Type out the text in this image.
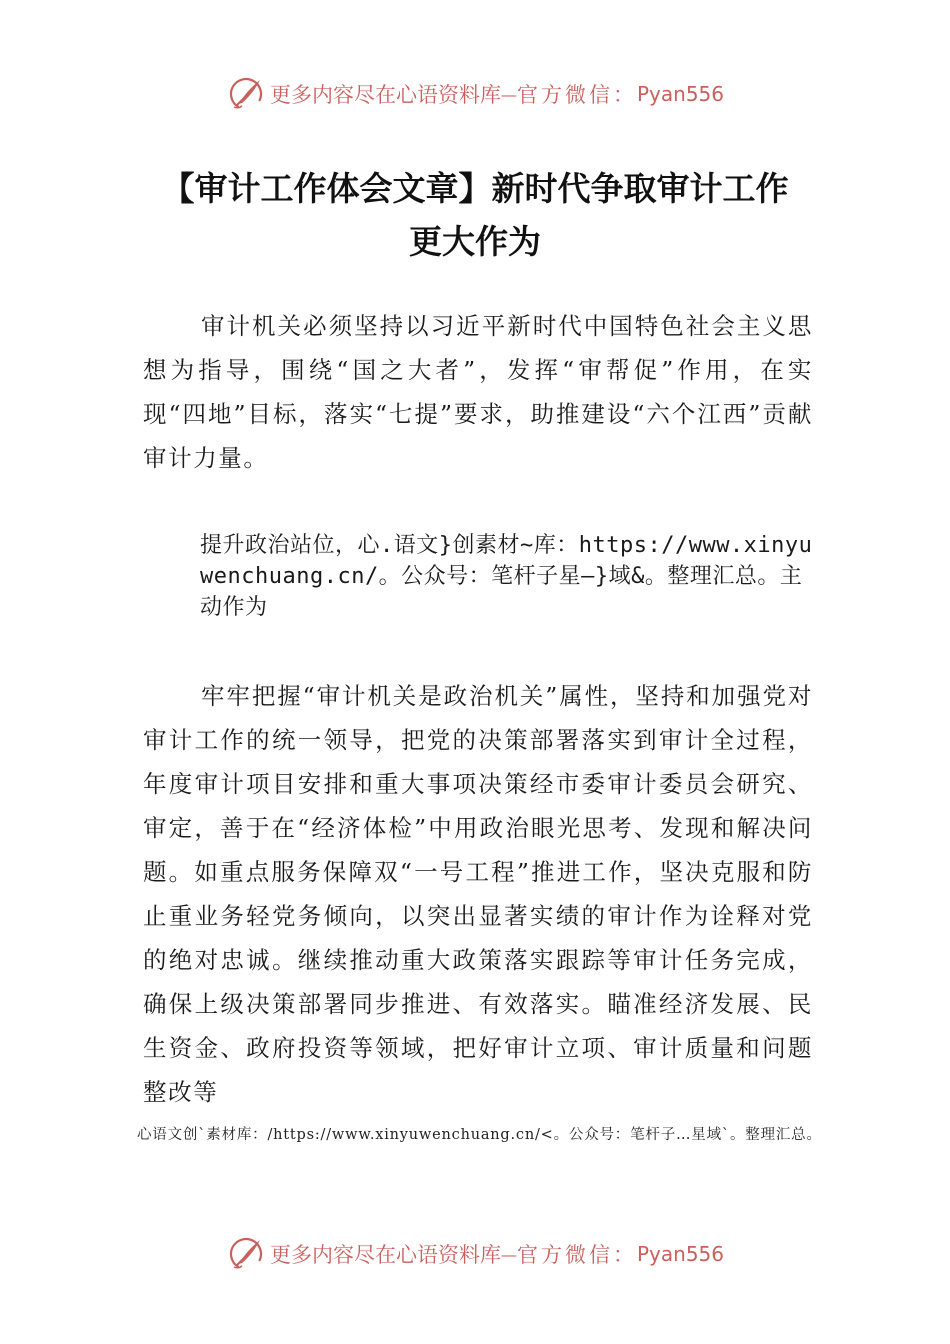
更多内容尽在心语资料库 — 官方微信： Pyan556
【审计工作体会文章】新时代争取审计工作
更大作为

审计机关必须坚持以习近平新时代中国特色社会主义思想为指导，围绕“国之大者”，发挥“审帮促”作用，在实现“四地”目标，落实“七提”要求，助推建设“六个江西”贡献审计力量。

提升政治站位，心.语文}创素材~库：https://www.xinyuwenchuang.cn/。公众号：笔杆子星—}域&。整理汇总。主动作为

牢牢把握“审计机关是政治机关”属性，坚持和加强党对审计工作的统一领导，把党的决策部署落实到审计全过程，年度审计项目安排和重大事项决策经市委审计委员会研究、审定，善于在“经济体检”中用政治眼光思考、发现和解决问题。如重点服务保障双“一号工程”推进工作，坚决克服和防止重业务轻党务倾向，以突出显著实绩的审计作为诠释对党的绝对忠诚。继续推动重大政策落实跟踪等审计任务完成，确保上级决策部署同步推进、有效落实。瞄准经济发展、民生资金、政府投资等领域，把好审计立项、审计质量和问题整改等

心语文创`素材库：/https://www.xinyuwenchuang.cn/<。公众号：笔杆子…星域`。整理汇总。

更多内容尽在心语资料库 — 官方微信： Pyan556
